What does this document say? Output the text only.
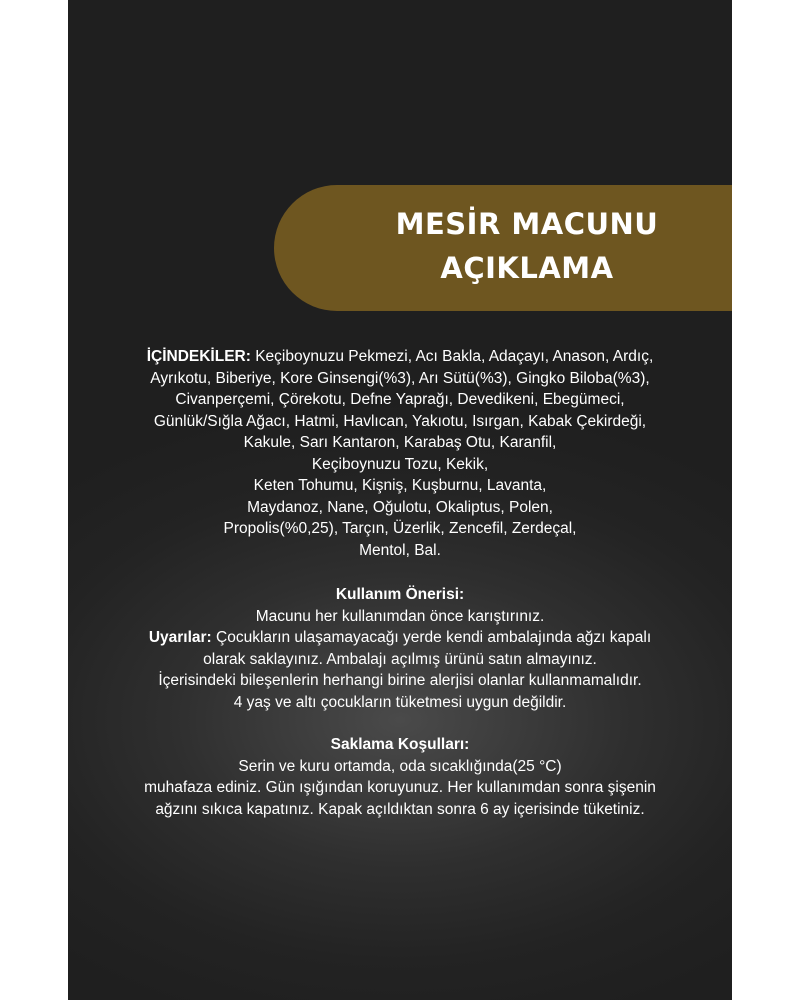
MESİR MACUNU
AÇIKLAMA
İÇİNDEKİLER: Keçiboynuzu Pekmezi, Acı Bakla, Adaçayı, Anason, Ardıç,
Ayrıkotu, Biberiye, Kore Ginsengi(%3), Arı Sütü(%3), Gingko Biloba(%3),
Civanperçemi, Çörekotu, Defne Yaprağı, Devedikeni, Ebegümeci,
Günlük/Sığla Ağacı, Hatmi, Havlıcan, Yakıotu, Isırgan, Kabak Çekirdeği,
Kakule, Sarı Kantaron, Karabaş Otu, Karanfil,
Keçiboynuzu Tozu, Kekik,
Keten Tohumu, Kişniş, Kuşburnu, Lavanta,
Maydanoz, Nane, Oğulotu, Okaliptus, Polen,
Propolis(%0,25), Tarçın, Üzerlik, Zencefil, Zerdeçal,
Mentol, Bal.
Kullanım Önerisi:
Macunu her kullanımdan önce karıştırınız.
Uyarılar: Çocukların ulaşamayacağı yerde kendi ambalajında ağzı kapalı
olarak saklayınız. Ambalajı açılmış ürünü satın almayınız.
İçerisindeki bileşenlerin herhangi birine alerjisi olanlar kullanmamalıdır.
4 yaş ve altı çocukların tüketmesi uygun değildir.
Saklama Koşulları:
Serin ve kuru ortamda, oda sıcaklığında(25 °C)
muhafaza ediniz. Gün ışığından koruyunuz. Her kullanımdan sonra şişenin
ağzını sıkıca kapatınız. Kapak açıldıktan sonra 6 ay içerisinde tüketiniz.
